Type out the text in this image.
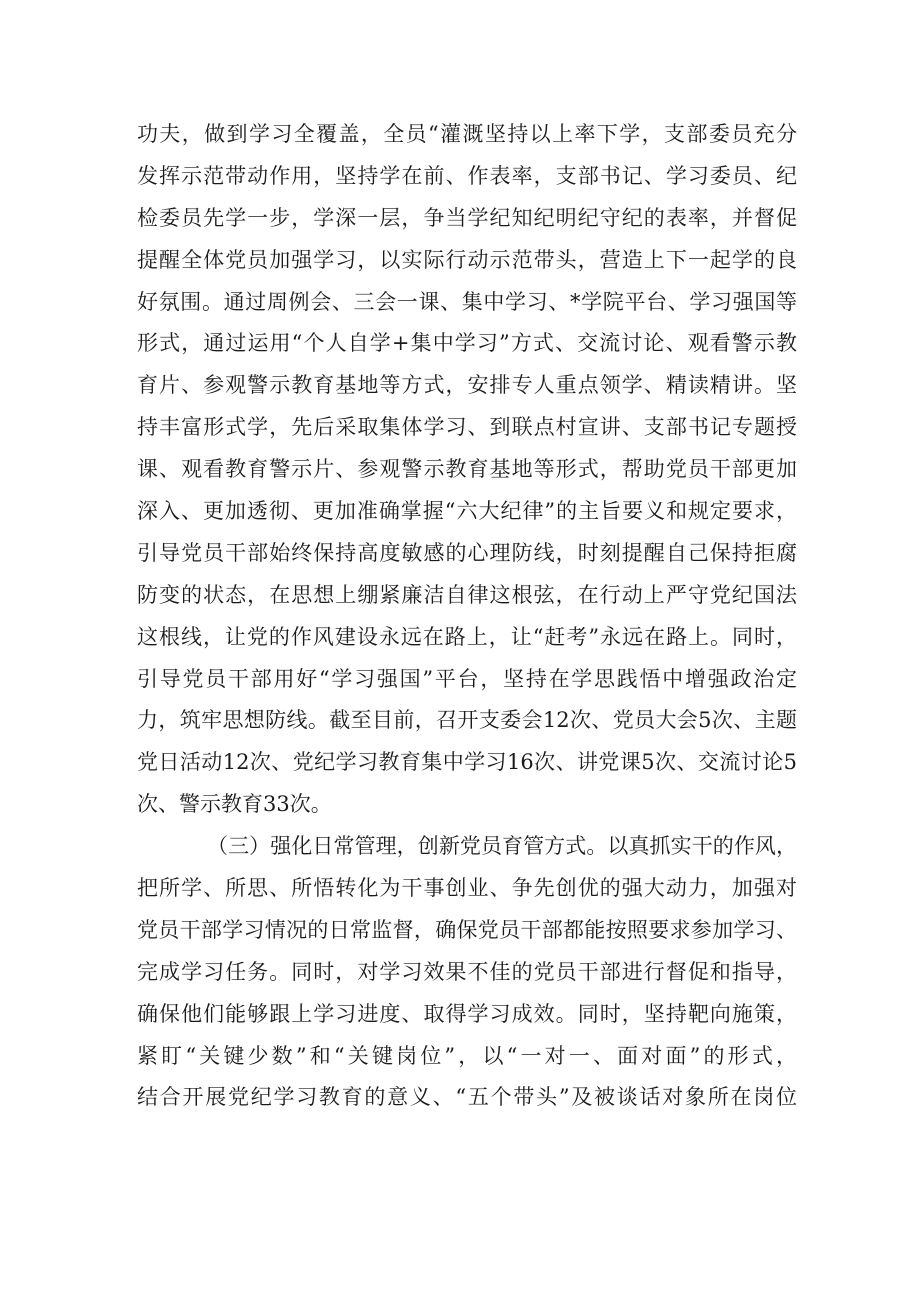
功夫，做到学习全覆盖，全员“灌溉坚持以上率下学，支部委员充分
发挥示范带动作用，坚持学在前、作表率，支部书记、学习委员、纪
检委员先学一步，学深一层，争当学纪知纪明纪守纪的表率，并督促
提醒全体党员加强学习，以实际行动示范带头，营造上下一起学的良
好氛围。通过周例会、三会一课、集中学习、*学院平台、学习强国等
形式，通过运用“个人自学+集中学习”方式、交流讨论、观看警示教
育片、参观警示教育基地等方式，安排专人重点领学、精读精讲。坚
持丰富形式学，先后采取集体学习、到联点村宣讲、支部书记专题授
课、观看教育警示片、参观警示教育基地等形式，帮助党员干部更加
深入、更加透彻、更加准确掌握“六大纪律”的主旨要义和规定要求，
引导党员干部始终保持高度敏感的心理防线，时刻提醒自己保持拒腐
防变的状态，在思想上绷紧廉洁自律这根弦，在行动上严守党纪国法
这根线，让党的作风建设永远在路上，让“赶考”永远在路上。同时，
引导党员干部用好“学习强国”平台，坚持在学思践悟中增强政治定
力，筑牢思想防线。截至目前，召开支委会12次、党员大会5次、主题
党日活动12次、党纪学习教育集中学习16次、讲党课5次、交流讨论5
次、警示教育33次。
（三）强化日常管理，创新党员育管方式。以真抓实干的作风，
把所学、所思、所悟转化为干事创业、争先创优的强大动力，加强对
党员干部学习情况的日常监督，确保党员干部都能按照要求参加学习、
完成学习任务。同时，对学习效果不佳的党员干部进行督促和指导，
确保他们能够跟上学习进度、取得学习成效。同时，坚持靶向施策，
紧盯“关键少数”和“关键岗位”，以“一对一、面对面”的形式，
结合开展党纪学习教育的意义、“五个带头”及被谈话对象所在岗位
